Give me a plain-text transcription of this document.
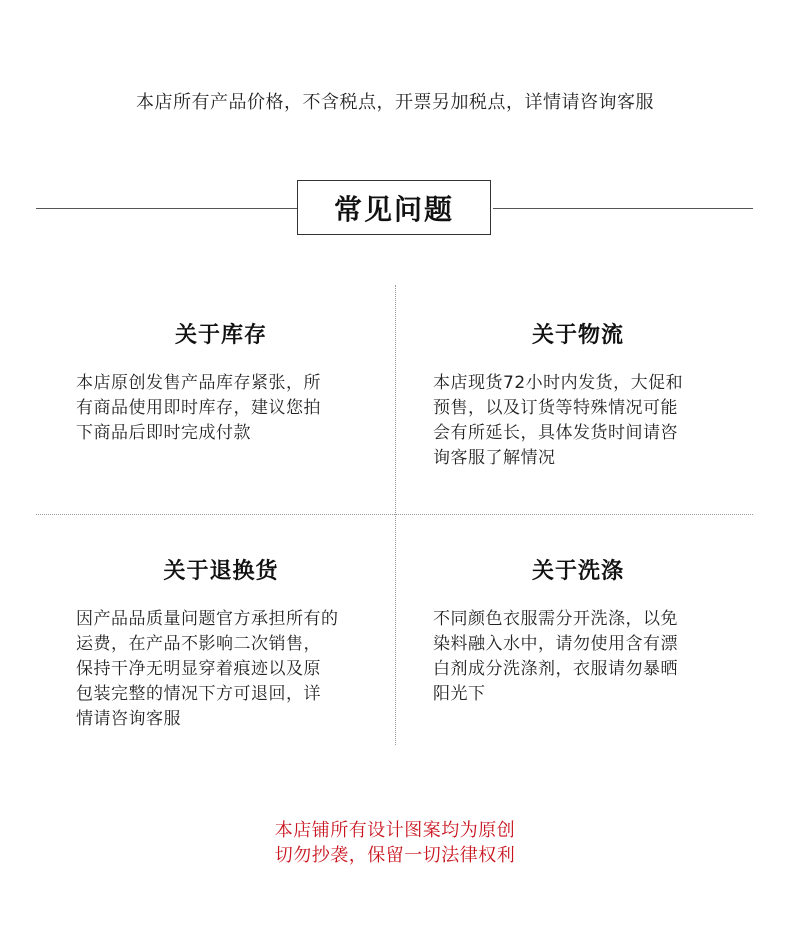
本店所有产品价格，不含税点，开票另加税点，详情请咨询客服
常见问题
关于库存
本店原创发售产品库存紧张，所
有商品使用即时库存，建议您拍
下商品后即时完成付款
关于物流
本店现货72小时内发货，大促和
预售，以及订货等特殊情况可能
会有所延长，具体发货时间请咨
询客服了解情况
关于退换货
因产品品质量问题官方承担所有的
运费，在产品不影响二次销售，
保持干净无明显穿着痕迹以及原
包装完整的情况下方可退回，详
情请咨询客服
关于洗涤
不同颜色衣服需分开洗涤，以免
染料融入水中，请勿使用含有漂
白剂成分洗涤剂，衣服请勿暴晒
阳光下
本店铺所有设计图案均为原创
切勿抄袭，保留一切法律权利
